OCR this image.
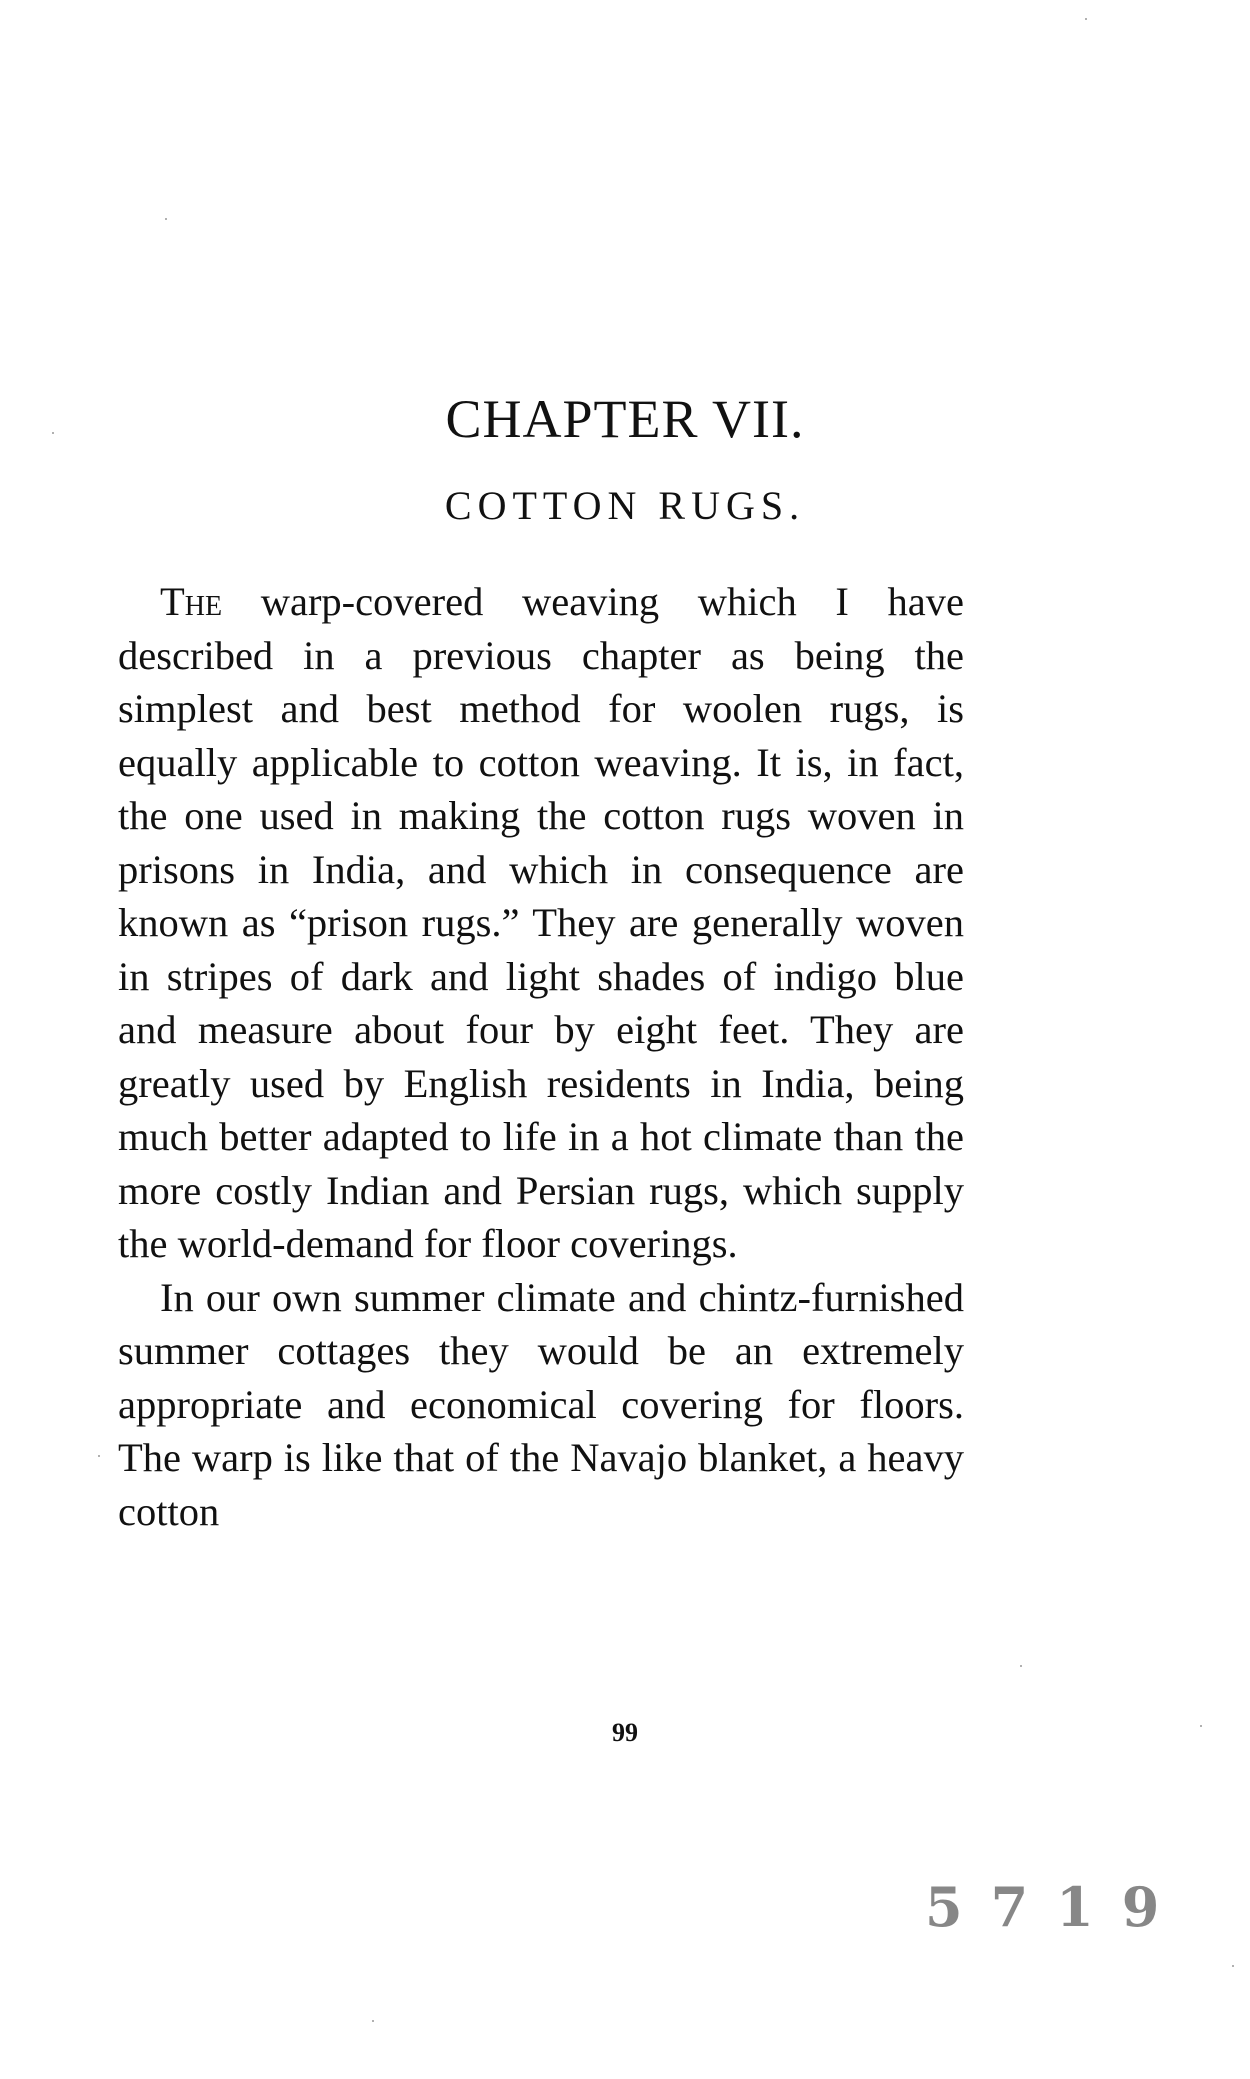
CHAPTER VII.
COTTON RUGS.

The warp-covered weaving which I have described in a previous chapter as being the simplest and best method for woolen rugs, is equally applicable to cotton weaving. It is, in fact, the one used in making the cotton rugs woven in prisons in India, and which in consequence are known as “prison rugs.” They are generally woven in stripes of dark and light shades of indigo blue and measure about four by eight feet. They are greatly used by English residents in India, being much better adapted to life in a hot climate than the more costly Indian and Persian rugs, which supply the world-demand for floor coverings.

In our own summer climate and chintz-furnished summer cottages they would be an extremely appropriate and economical covering for floors. The warp is like that of the Navajo blanket, a heavy cotton

99
5719
